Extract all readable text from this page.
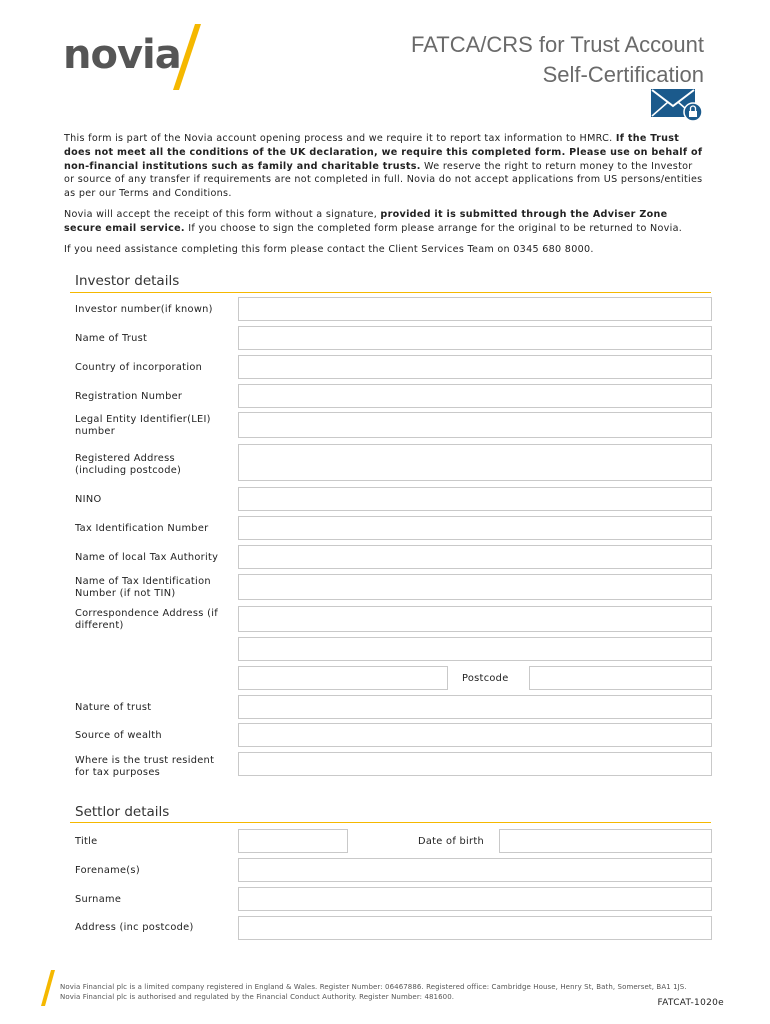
novia	FATCA/CRS for Trust Account
Self-Certification

This form is part of the Novia account opening process and we require it to report tax information to HMRC. If the Trust does not meet all the conditions of the UK declaration, we require this completed form. Please use on behalf of non-financial institutions such as family and charitable trusts. We reserve the right to return money to the Investor or source of any transfer if requirements are not completed in full. Novia do not accept applications from US persons/entities as per our Terms and Conditions.

Novia will accept the receipt of this form without a signature, provided it is submitted through the Adviser Zone secure email service. If you choose to sign the completed form please arrange for the original to be returned to Novia.

If you need assistance completing this form please contact the Client Services Team on 0345 680 8000.

Investor details
Investor number(if known)
Name of Trust
Country of incorporation
Registration Number
Legal Entity Identifier(LEI) number
Registered Address (including postcode)
NINO
Tax Identification Number
Name of local Tax Authority
Name of Tax Identification Number (if not TIN)
Correspondence Address (if different)
Postcode
Nature of trust
Source of wealth
Where is the trust resident for tax purposes
Settlor details
Title	Date of birth
Forename(s)
Surname
Address (inc postcode)
Novia Financial plc is a limited company registered in England & Wales. Register Number: 06467886. Registered office: Cambridge House, Henry St, Bath, Somerset, BA1 1JS.
Novia Financial plc is authorised and regulated by the Financial Conduct Authority. Register Number: 481600.
FATCAT-1020e
